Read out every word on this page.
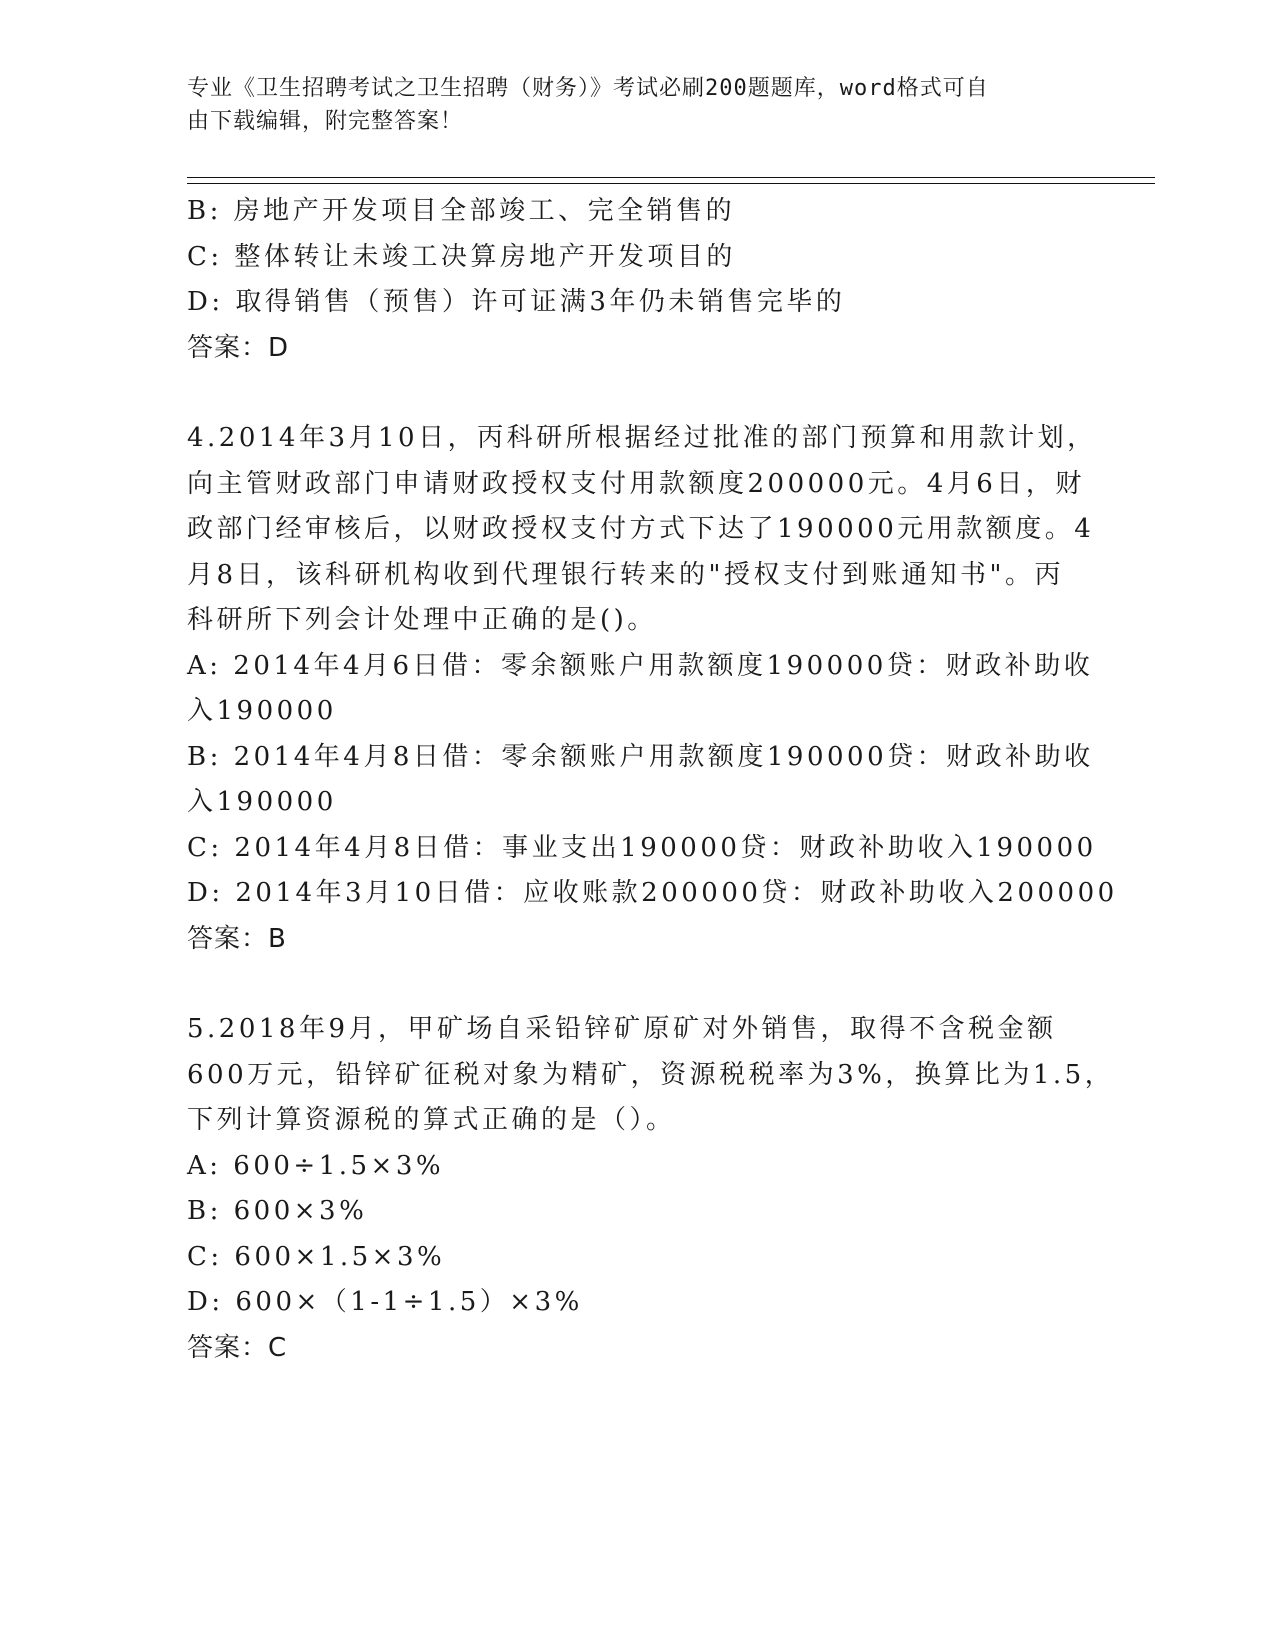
专业《卫生招聘考试之卫生招聘（财务）》考试必刷200题题库，word格式可自
由下载编辑，附完整答案！
B: 房地产开发项目全部竣工、完全销售的
C: 整体转让未竣工决算房地产开发项目的
D: 取得销售（预售）许可证满3年仍未销售完毕的
答案：D
4.2014年3月10日，丙科研所根据经过批准的部门预算和用款计划，
向主管财政部门申请财政授权支付用款额度200000元。4月6日，财
政部门经审核后，以财政授权支付方式下达了190000元用款额度。4
月8日，该科研机构收到代理银行转来的"授权支付到账通知书"。丙
科研所下列会计处理中正确的是()。
A: 2014年4月6日借：零余额账户用款额度190000贷：财政补助收
入190000
B: 2014年4月8日借：零余额账户用款额度190000贷：财政补助收
入190000
C: 2014年4月8日借：事业支出190000贷：财政补助收入190000
D: 2014年3月10日借：应收账款200000贷：财政补助收入200000
答案：B
5.2018年9月，甲矿场自采铅锌矿原矿对外销售，取得不含税金额
600万元，铅锌矿征税对象为精矿，资源税税率为3%，换算比为1.5，
下列计算资源税的算式正确的是（）。
A: 600÷1.5×3%
B: 600×3%
C: 600×1.5×3%
D: 600×（1-1÷1.5）×3%
答案：C
